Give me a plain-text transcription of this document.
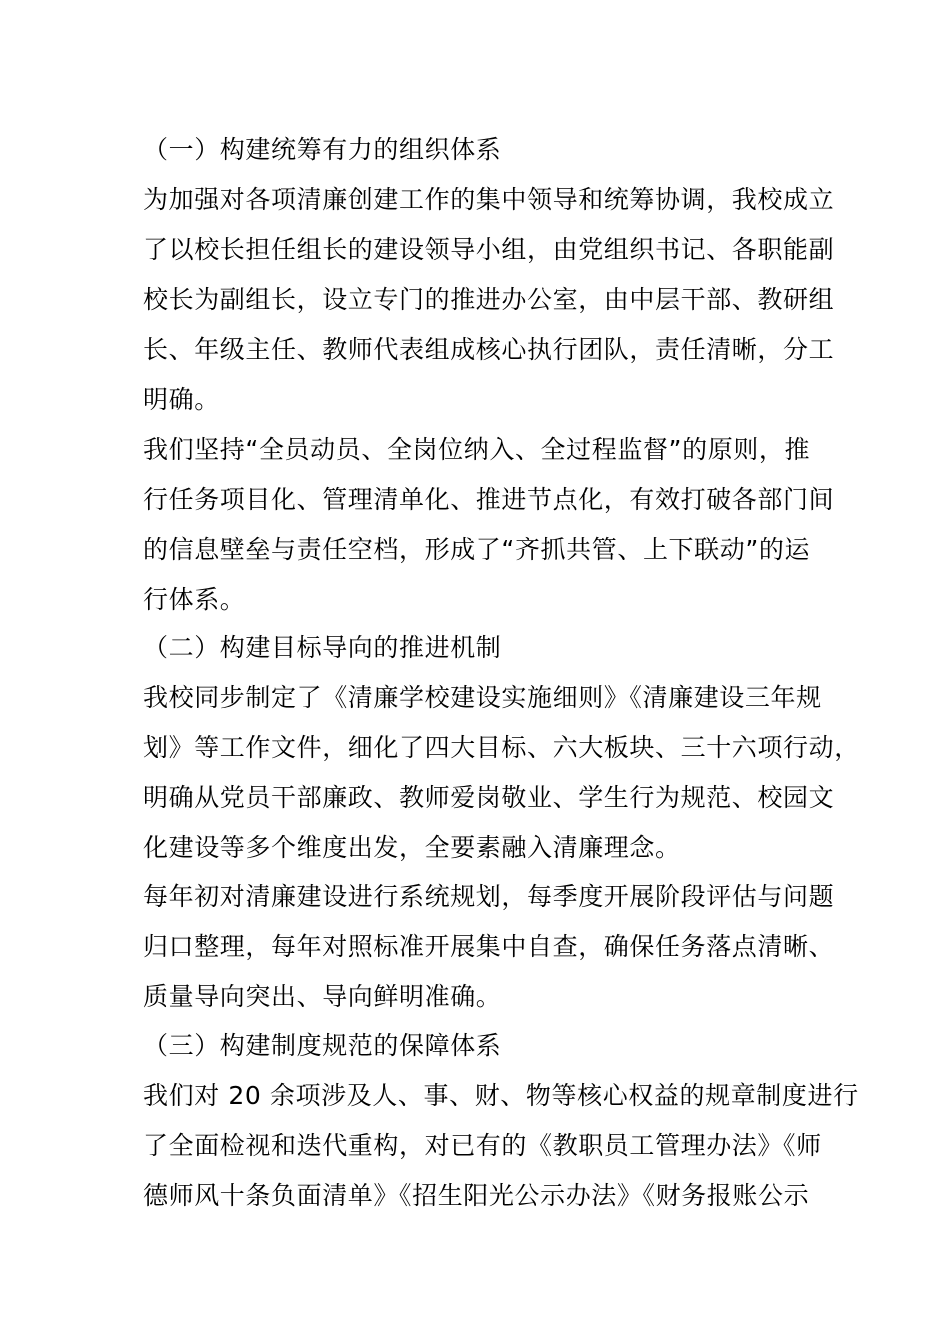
（一）构建统筹有力的组织体系
为加强对各项清廉创建工作的集中领导和统筹协调，我校成立
了以校长担任组长的建设领导小组，由党组织书记、各职能副
校长为副组长，设立专门的推进办公室，由中层干部、教研组
长、年级主任、教师代表组成核心执行团队，责任清晰，分工
明确。
我们坚持“全员动员、全岗位纳入、全过程监督”的原则，推
行任务项目化、管理清单化、推进节点化，有效打破各部门间
的信息壁垒与责任空档，形成了“齐抓共管、上下联动”的运
行体系。
（二）构建目标导向的推进机制
我校同步制定了《清廉学校建设实施细则》《清廉建设三年规
划》等工作文件，细化了四大目标、六大板块、三十六项行动，
明确从党员干部廉政、教师爱岗敬业、学生行为规范、校园文
化建设等多个维度出发，全要素融入清廉理念。
每年初对清廉建设进行系统规划，每季度开展阶段评估与问题
归口整理，每年对照标准开展集中自查，确保任务落点清晰、
质量导向突出、导向鲜明准确。
（三）构建制度规范的保障体系
我们对 20 余项涉及人、事、财、物等核心权益的规章制度进行
了全面检视和迭代重构，对已有的《教职员工管理办法》《师
德师风十条负面清单》《招生阳光公示办法》《财务报账公示
